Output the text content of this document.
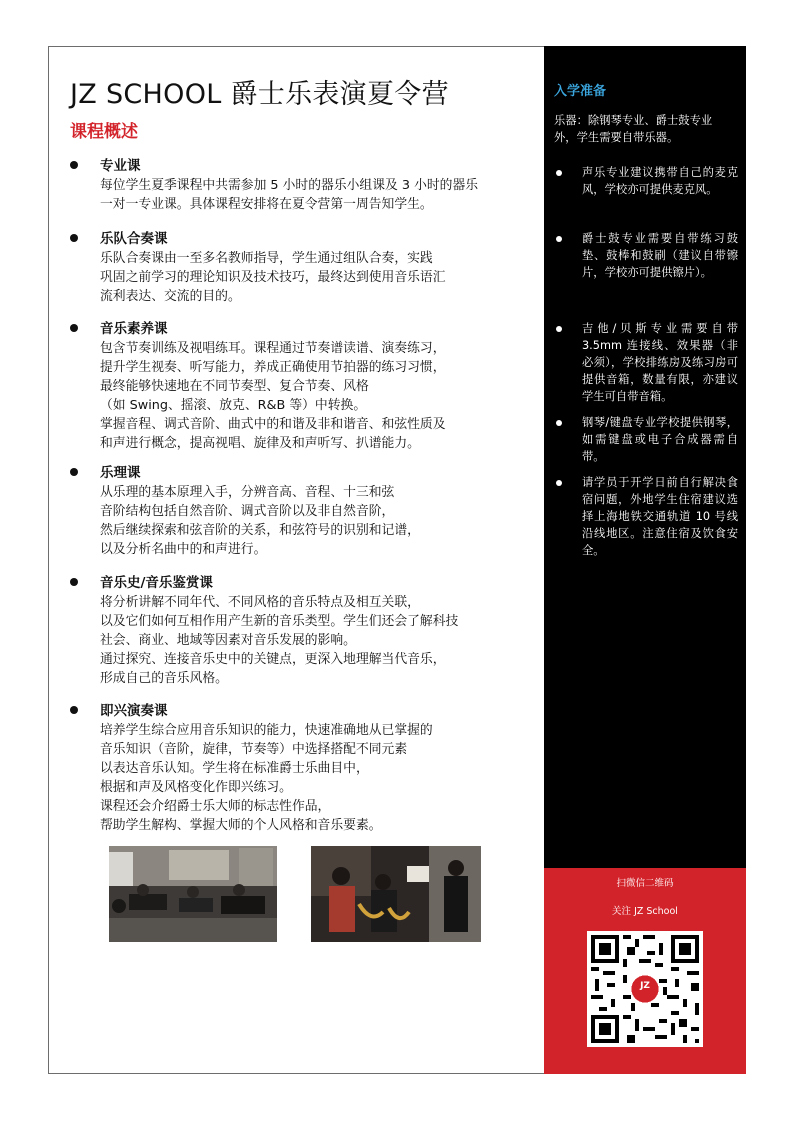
JZ SCHOOL 爵士乐表演夏令营
课程概述
专业课
每位学生夏季课程中共需参加 5 小时的器乐小组课及 3 小时的器乐
一对一专业课。具体课程安排将在夏令营第一周告知学生。
乐队合奏课
乐队合奏课由一至多名教师指导，学生通过组队合奏，实践
巩固之前学习的理论知识及技术技巧，最终达到使用音乐语汇
流利表达、交流的目的。
音乐素养课
包含节奏训练及视唱练耳。课程通过节奏谱读谱、演奏练习，
提升学生视奏、听写能力，养成正确使用节拍器的练习习惯，
最终能够快速地在不同节奏型、复合节奏、风格
（如 Swing、摇滚、放克、R&B 等）中转换。
掌握音程、调式音阶、曲式中的和谐及非和谐音、和弦性质及
和声进行概念，提高视唱、旋律及和声听写、扒谱能力。
乐理课
从乐理的基本原理入手，分辨音高、音程、十三和弦
音阶结构包括自然音阶、调式音阶以及非自然音阶，
然后继续探索和弦音阶的关系，和弦符号的识别和记谱，
以及分析名曲中的和声进行。
音乐史/音乐鉴赏课
将分析讲解不同年代、不同风格的音乐特点及相互关联，
以及它们如何互相作用产生新的音乐类型。学生们还会了解科技
社会、商业、地域等因素对音乐发展的影响。
通过探究、连接音乐史中的关键点，更深入地理解当代音乐，
形成自己的音乐风格。
即兴演奏课
培养学生综合应用音乐知识的能力，快速准确地从已掌握的
音乐知识（音阶，旋律，节奏等）中选择搭配不同元素
以表达音乐认知。学生将在标准爵士乐曲目中，
根据和声及风格变化作即兴练习。
课程还会介绍爵士乐大师的标志性作品，
帮助学生解构、掌握大师的个人风格和音乐要素。
入学准备
乐器：除钢琴专业、爵士鼓专业外，学生需要自带乐器。
声乐专业建议携带自己的麦克风，学校亦可提供麦克风。
爵士鼓专业需要自带练习鼓垫、鼓棒和鼓刷（建议自带镲片，学校亦可提供镲片）。
吉他/贝斯专业需要自带 3.5mm 连接线、效果器（非必须），学校排练房及练习房可提供音箱，数量有限，亦建议学生可自带音箱。
钢琴/键盘专业学校提供钢琴，如需键盘或电子合成器需自带。
请学员于开学日前自行解决食宿问题，外地学生住宿建议选择上海地铁交通轨道 10 号线沿线地区。注意住宿及饮食安全。
扫微信二维码
关注 JZ School
JZ
